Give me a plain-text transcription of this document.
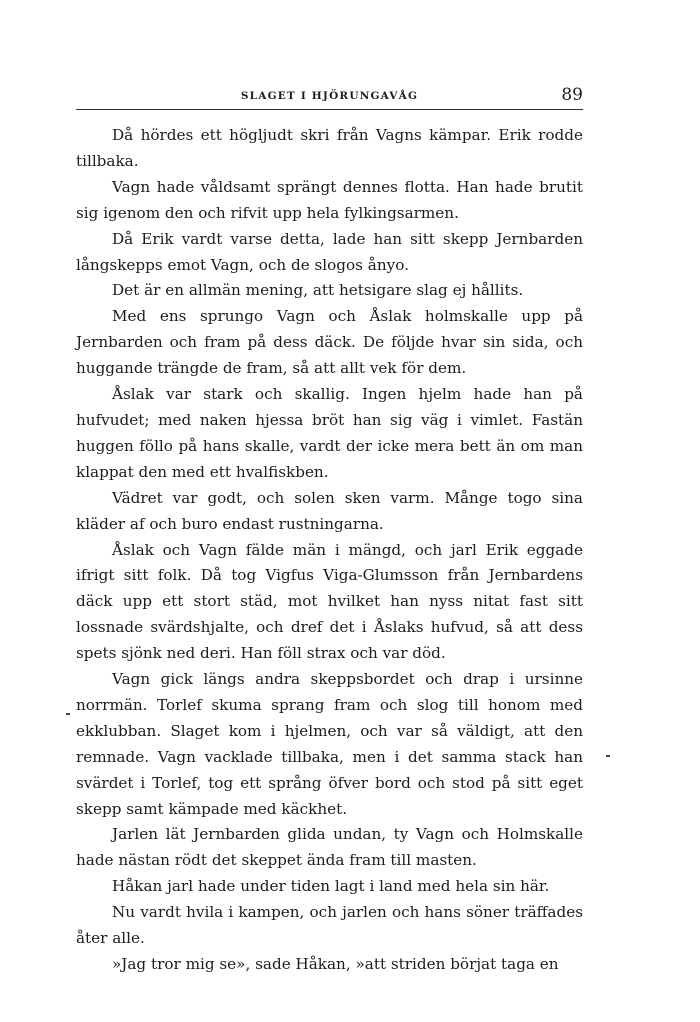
SLAGET I HJÖRUNGAVÅG	89

Då hördes ett högljudt skri från Vagns kämpar. Erik rodde tillbaka.

Vagn hade våldsamt sprängt dennes flotta. Han hade brutit sig igenom den och rifvit upp hela fylkingsarmen.

Då Erik vardt varse detta, lade han sitt skepp Jernbarden långskepps emot Vagn, och de slogos ånyo.

Det är en allmän mening, att hetsigare slag ej hållits.

Med ens sprungo Vagn och Åslak holmskalle upp på Jernbarden och fram på dess däck. De följde hvar sin sida, och huggande trängde de fram, så att allt vek för dem.

Åslak var stark och skallig. Ingen hjelm hade han på hufvudet; med naken hjessa bröt han sig väg i vimlet. Fastän huggen föllo på hans skalle, vardt der icke mera bett än om man klappat den med ett hvalfiskben.

Vädret var godt, och solen sken varm. Månge togo sina kläder af och buro endast rustningarna.

Åslak och Vagn fälde män i mängd, och jarl Erik eggade ifrigt sitt folk. Då tog Vigfus Viga-Glumsson från Jernbardens däck upp ett stort städ, mot hvilket han nyss nitat fast sitt lossnade svärdshjalte, och dref det i Åslaks hufvud, så att dess spets sjönk ned deri. Han föll strax och var död.

Vagn gick längs andra skeppsbordet och drap i ursinne norrmän. Torlef skuma sprang fram och slog till honom med ekklubban. Slaget kom i hjelmen, och var så väldigt, att den remnade. Vagn vacklade tillbaka, men i det samma stack han svärdet i Torlef, tog ett språng öfver bord och stod på sitt eget skepp samt kämpade med käckhet.

Jarlen lät Jernbarden glida undan, ty Vagn och Holmskalle hade nästan rödt det skeppet ända fram till masten.

Håkan jarl hade under tiden lagt i land med hela sin här.

Nu vardt hvila i kampen, och jarlen och hans söner träffades åter alle.

»Jag tror mig se», sade Håkan, »att striden börjat taga en
